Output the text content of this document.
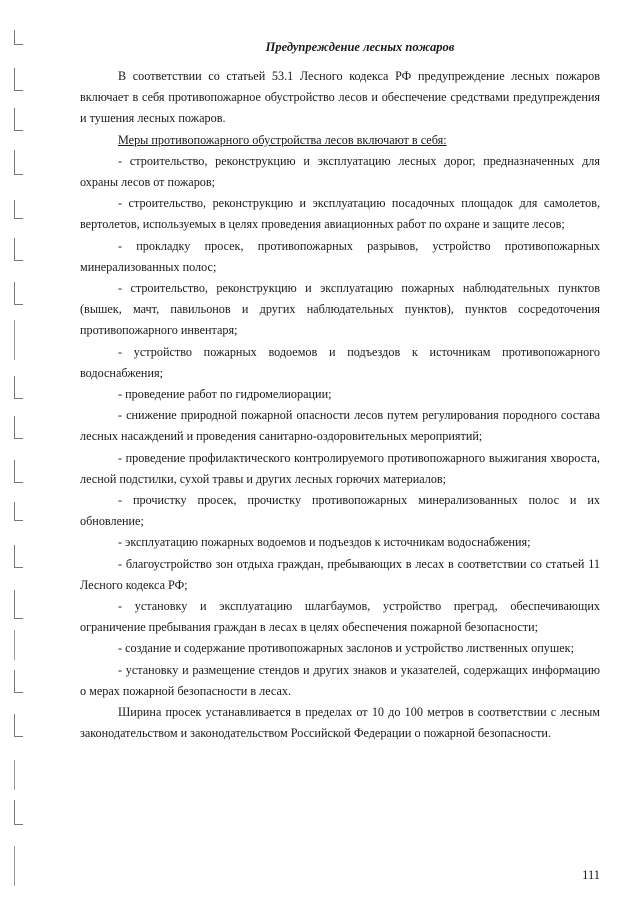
Предупреждение лесных пожаров

В соответствии со статьей 53.1 Лесного кодекса РФ предупреждение лесных пожаров включает в себя противопожарное обустройство лесов и обеспечение средствами предупреждения и тушения лесных пожаров.

Меры противопожарного обустройства лесов включают в себя:

- строительство, реконструкцию и эксплуатацию лесных дорог, предназначенных для охраны лесов от пожаров;

- строительство, реконструкцию и эксплуатацию посадочных площадок для самолетов, вертолетов, используемых в целях проведения авиационных работ по охране и защите лесов;

- прокладку просек, противопожарных разрывов, устройство противопожарных минерализованных полос;

- строительство, реконструкцию и эксплуатацию пожарных наблюдательных пунктов (вышек, мачт, павильонов и других наблюдательных пунктов), пунктов сосредоточения противопожарного инвентаря;

- устройство пожарных водоемов и подъездов к источникам противопожарного водоснабжения;

- проведение работ по гидромелиорации;

- снижение природной пожарной опасности лесов путем регулирования породного состава лесных насаждений и проведения санитарно-оздоровительных мероприятий;

- проведение профилактического контролируемого противопожарного выжигания хвороста, лесной подстилки, сухой травы и других лесных горючих материалов;

- прочистку просек, прочистку противопожарных минерализованных полос и их обновление;

- эксплуатацию пожарных водоемов и подъездов к источникам водоснабжения;

- благоустройство зон отдыха граждан, пребывающих в лесах в соответствии со статьей 11 Лесного кодекса РФ;

- установку и эксплуатацию шлагбаумов, устройство преград, обеспечивающих ограничение пребывания граждан в лесах в целях обеспечения пожарной безопасности;

- создание и содержание противопожарных заслонов и устройство лиственных опушек;

- установку и размещение стендов и других знаков и указателей, содержащих информацию о мерах пожарной безопасности в лесах.

Ширина просек устанавливается в пределах от 10 до 100 метров в соответствии с лесным законодательством и законодательством Российской Федерации о пожарной безопасности.

111
